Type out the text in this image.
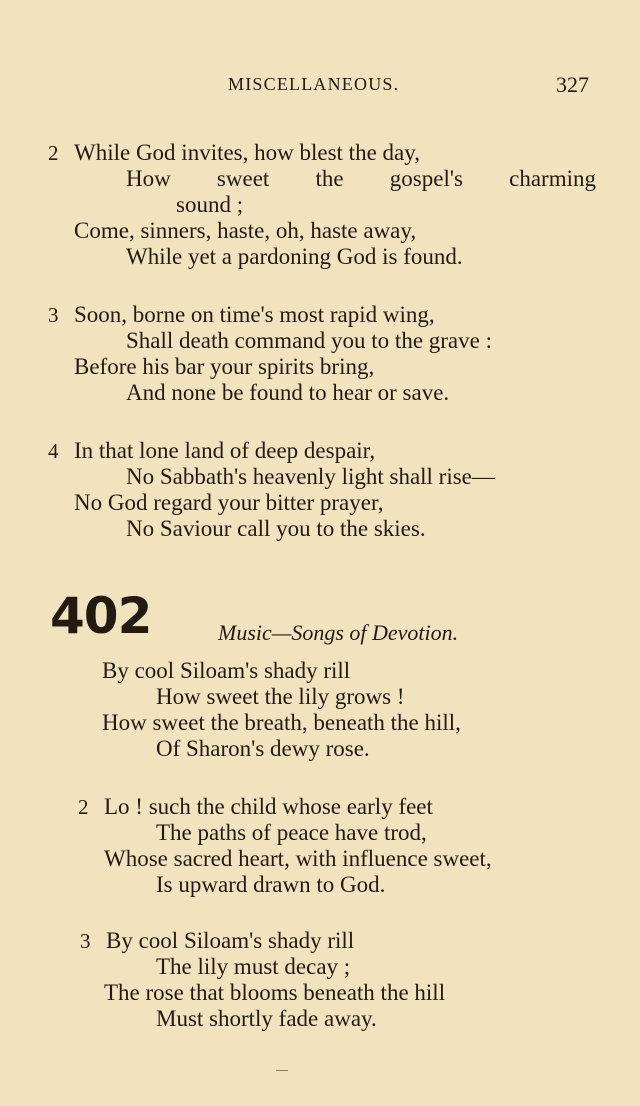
MISCELLANEOUS.	327
2 While God invites, how blest the day,
How sweet the gospel's charming
sound ;
Come, sinners, haste, oh, haste away,
While yet a pardoning God is found.
3 Soon, borne on time's most rapid wing,
Shall death command you to the grave :
Before his bar your spirits bring,
And none be found to hear or save.
4 In that lone land of deep despair,
No Sabbath's heavenly light shall rise—
No God regard your bitter prayer,
No Saviour call you to the skies.
402	Music—Songs of Devotion.
By cool Siloam's shady rill
How sweet the lily grows !
How sweet the breath, beneath the hill,
Of Sharon's dewy rose.
2 Lo ! such the child whose early feet
The paths of peace have trod,
Whose sacred heart, with influence sweet,
Is upward drawn to God.
3 By cool Siloam's shady rill
The lily must decay ;
The rose that blooms beneath the hill
Must shortly fade away.
